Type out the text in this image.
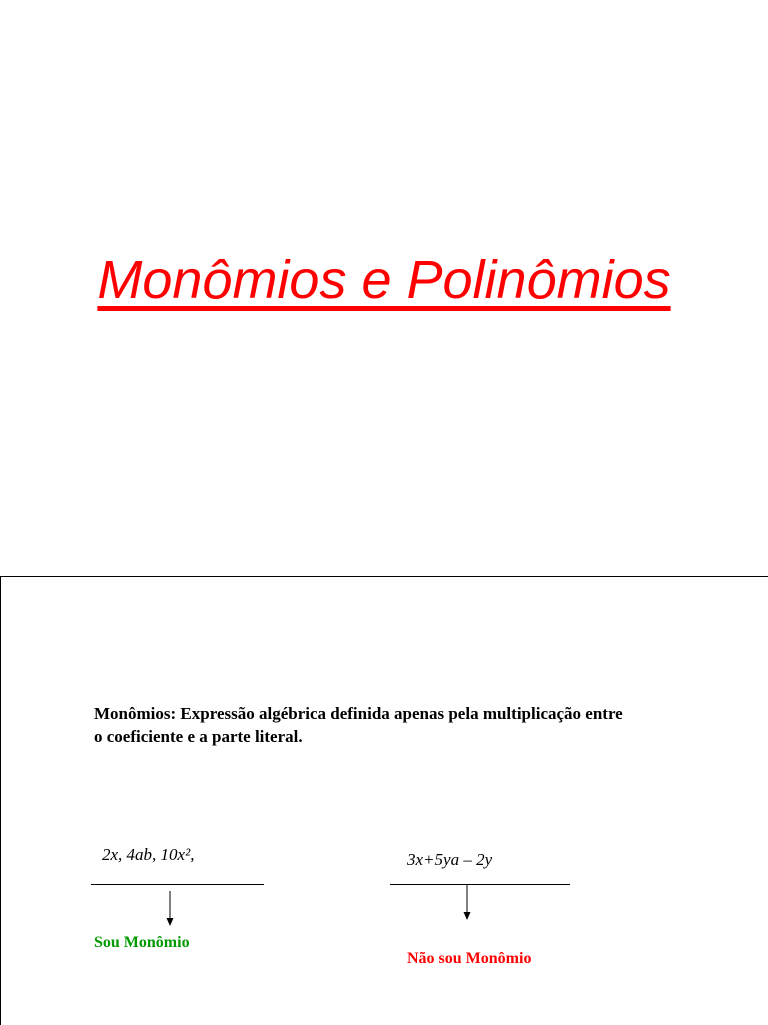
Monômios e Polinômios
Monômios: Expressão algébrica definida apenas pela multiplicação entre
o coeficiente e a parte literal.
2x, 4ab, 10x²,	3x+5ya – 2y
Sou Monômio
Não sou Monômio
